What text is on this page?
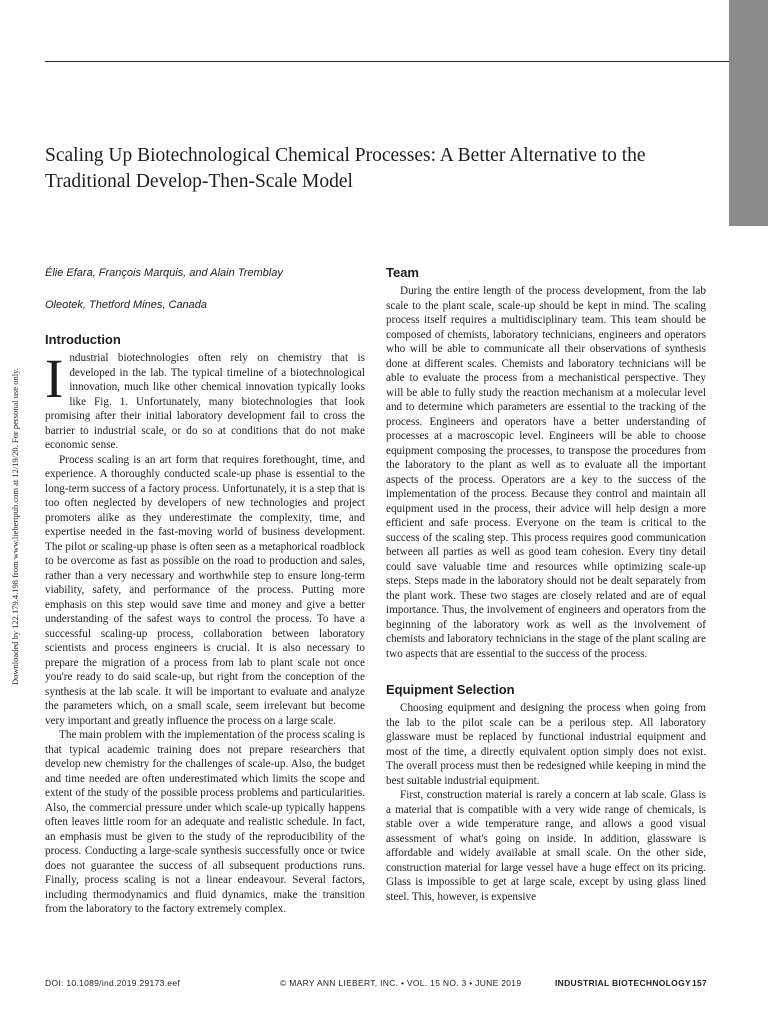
Scaling Up Biotechnological Chemical Processes: A Better Alternative to the Traditional Develop-Then-Scale Model
Downloaded by 122.179.4.198 from www.liebertpub.com at 12/19/20. For personal use only.
Élie Efara, François Marquis, and Alain Tremblay
Oleotek, Thetford Mines, Canada
Introduction

Industrial biotechnologies often rely on chemistry that is developed in the lab. The typical timeline of a biotechnological innovation, much like other chemical innovation typically looks like Fig. 1. Unfortunately, many biotechnologies that look promising after their initial laboratory development fail to cross the barrier to industrial scale, or do so at conditions that do not make economic sense.

Process scaling is an art form that requires forethought, time, and experience. A thoroughly conducted scale-up phase is essential to the long-term success of a factory process. Unfortunately, it is a step that is too often neglected by developers of new technologies and project promoters alike as they underestimate the complexity, time, and expertise needed in the fast-moving world of business development. The pilot or scaling-up phase is often seen as a metaphorical roadblock to be overcome as fast as possible on the road to production and sales, rather than a very necessary and worthwhile step to ensure long-term viability, safety, and performance of the process. Putting more emphasis on this step would save time and money and give a better understanding of the safest ways to control the process. To have a successful scaling-up process, collaboration between laboratory scientists and process engineers is crucial. It is also necessary to prepare the migration of a process from lab to plant scale not once you're ready to do said scale-up, but right from the conception of the synthesis at the lab scale. It will be important to evaluate and analyze the parameters which, on a small scale, seem irrelevant but become very important and greatly influence the process on a large scale.

The main problem with the implementation of the process scaling is that typical academic training does not prepare researchers that develop new chemistry for the challenges of scale-up. Also, the budget and time needed are often underestimated which limits the scope and extent of the study of the possible process problems and particularities. Also, the commercial pressure under which scale-up typically happens often leaves little room for an adequate and realistic schedule. In fact, an emphasis must be given to the study of the reproducibility of the process. Conducting a large-scale synthesis successfully once or twice does not guarantee the success of all subsequent productions runs. Finally, process scaling is not a linear endeavour. Several factors, including thermodynamics and fluid dynamics, make the transition from the laboratory to the factory extremely complex.

Team

During the entire length of the process development, from the lab scale to the plant scale, scale-up should be kept in mind. The scaling process itself requires a multidisciplinary team. This team should be composed of chemists, laboratory technicians, engineers and operators who will be able to communicate all their observations of synthesis done at different scales. Chemists and laboratory technicians will be able to evaluate the process from a mechanistical perspective. They will be able to fully study the reaction mechanism at a molecular level and to determine which parameters are essential to the tracking of the process. Engineers and operators have a better understanding of processes at a macroscopic level. Engineers will be able to choose equipment composing the processes, to transpose the procedures from the laboratory to the plant as well as to evaluate all the important aspects of the process. Operators are a key to the success of the implementation of the process. Because they control and maintain all equipment used in the process, their advice will help design a more efficient and safe process. Everyone on the team is critical to the success of the scaling step. This process requires good communication between all parties as well as good team cohesion. Every tiny detail could save valuable time and resources while optimizing scale-up steps. Steps made in the laboratory should not be dealt separately from the plant work. These two stages are closely related and are of equal importance. Thus, the involvement of engineers and operators from the beginning of the laboratory work as well as the involvement of chemists and laboratory technicians in the stage of the plant scaling are two aspects that are essential to the success of the process.

Equipment Selection

Choosing equipment and designing the process when going from the lab to the pilot scale can be a perilous step. All laboratory glassware must be replaced by functional industrial equipment and most of the time, a directly equivalent option simply does not exist. The overall process must then be redesigned while keeping in mind the best suitable industrial equipment.

First, construction material is rarely a concern at lab scale. Glass is a material that is compatible with a very wide range of chemicals, is stable over a wide temperature range, and allows a good visual assessment of what's going on inside. In addition, glassware is affordable and widely available at small scale. On the other side, construction material for large vessel have a huge effect on its pricing. Glass is impossible to get at large scale, except by using glass lined steel. This, however, is expensive

DOI: 10.1089/ind.2019.29173.eef	© MARY ANN LIEBERT, INC. • VOL. 15 NO. 3 • JUNE 2019	INDUSTRIAL BIOTECHNOLOGY 157
